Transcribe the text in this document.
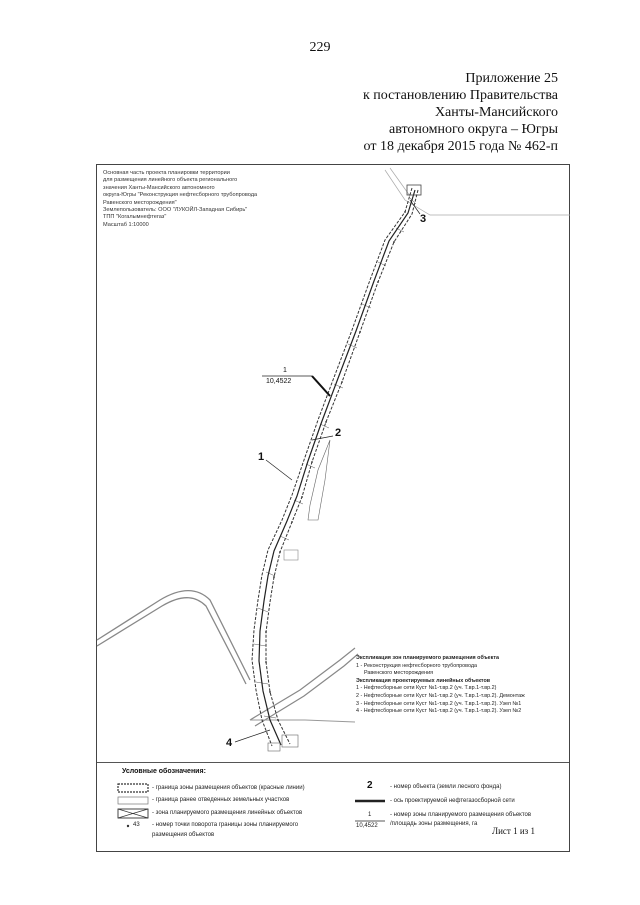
229
Приложение 25
к постановлению Правительства
Ханты-Мансийского
автономного округа – Югры
от 18 декабря 2015 года № 462-п
Основная часть проекта планировки территории
для размещения линейного объекта регионального
значения Ханты-Мансийского автономного
округа-Югры "Реконструкция нефтесборного трубопровода
Равенского месторождения"
Землепользователь: ООО "ЛУКОЙЛ-Западная Сибирь"
ТПП "Когалымнефтегаз"
Масштаб 1:10000
1
2
3
4
1
10,4522
Экспликация зон планируемого размещения объекта
1 - Реконструкция нефтесборного трубопровода
Равенского месторождения
Экспликация проектируемых линейных объектов
1 - Нефтесборные сети Куст №1-т.вр.2 (уч. Т.вр.1-т.вр.2)
2 - Нефтесборные сети Куст №1-т.вр.2 (уч. Т.вр.1-т.вр.2). Демонтаж
3 - Нефтесборные сети Куст №1-т.вр.2 (уч. Т.вр.1-т.вр.2). Узел №1
4 - Нефтесборные сети Куст №1-т.вр.2 (уч. Т.вр.1-т.вр.2). Узел №2
Условные обозначения:
- граница зоны размещения объектов (красные линии)
- граница ранее отведенных земельных участков
- зона планируемого размещения линейных объектов
43 - номер точки поворота границы зоны планируемого
размещения объектов
2	- номер объекта (земли лесного фонда)
- ось проектируемой нефтегазосборной сети
1
10,4522
- номер зоны планируемого размещения объектов
/площадь зоны размещения, га
Лист 1 из 1
